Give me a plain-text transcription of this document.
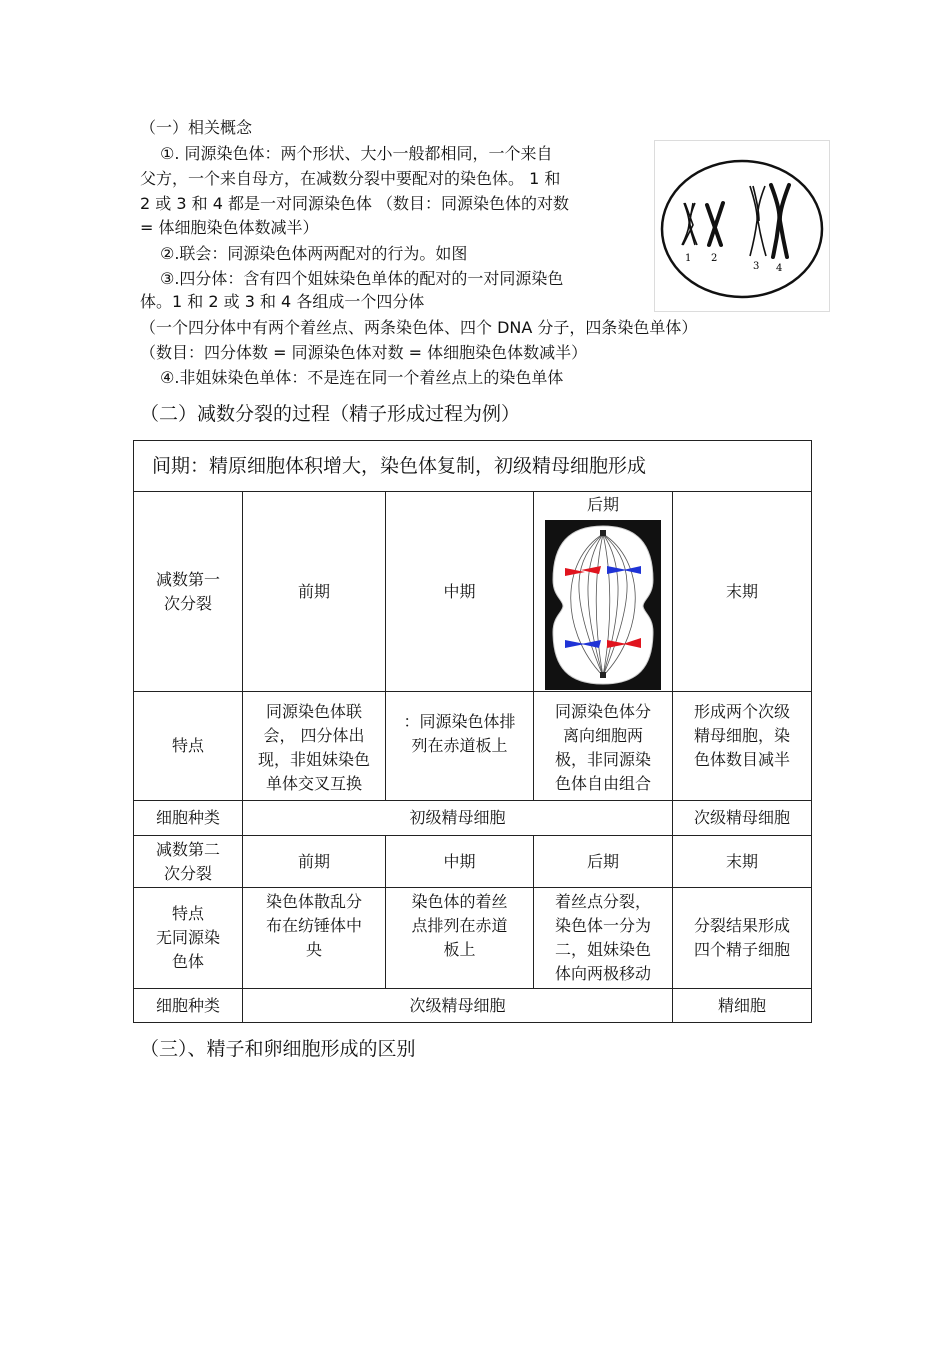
（一）相关概念
①. 同源染色体：两个形状、大小一般都相同，一个来自
父方，一个来自母方，在减数分裂中要配对的染色体。 1 和
2 或 3 和 4 都是一对同源染色体 （数目：同源染色体的对数
= 体细胞染色体数减半）
②.联会：同源染色体两两配对的行为。如图
③.四分体：含有四个姐妹染色单体的配对的一对同源染色
体。1 和 2 或 3 和 4 各组成一个四分体
（一个四分体中有两个着丝点、两条染色体、四个 DNA 分子，四条染色单体）
（数目：四分体数 = 同源染色体对数 = 体细胞染色体数减半）
④.非姐妹染色单体：不是连在同一个着丝点上的染色单体
1 2
3 4
（二）减数分裂的过程（精子形成过程为例）
间期：精原细胞体积增大，染色体复制，初级精母细胞形成				

减数第一
次分裂	前期	中期	后期	末期
特点	同源染色体联
会， 四分体出
现，非姐妹染色
单体交叉互换	：同源染色体排
列在赤道板上	同源染色体分
离向细胞两
极，非同源染
色体自由组合	形成两个次级
精母细胞，染
色体数目减半

细胞种类	初级精母细胞			次级精母细胞

减数第二
次分裂	前期	中期	后期	末期

特点
无同源染
色体	染色体散乱分
布在纺锤体中
央	染色体的着丝
点排列在赤道
板上	着丝点分裂，
染色体一分为
二，姐妹染色
体向两极移动	分裂结果形成
四个精子细胞

细胞种类	次级精母细胞			精细胞
（三）、精子和卵细胞形成的区别
